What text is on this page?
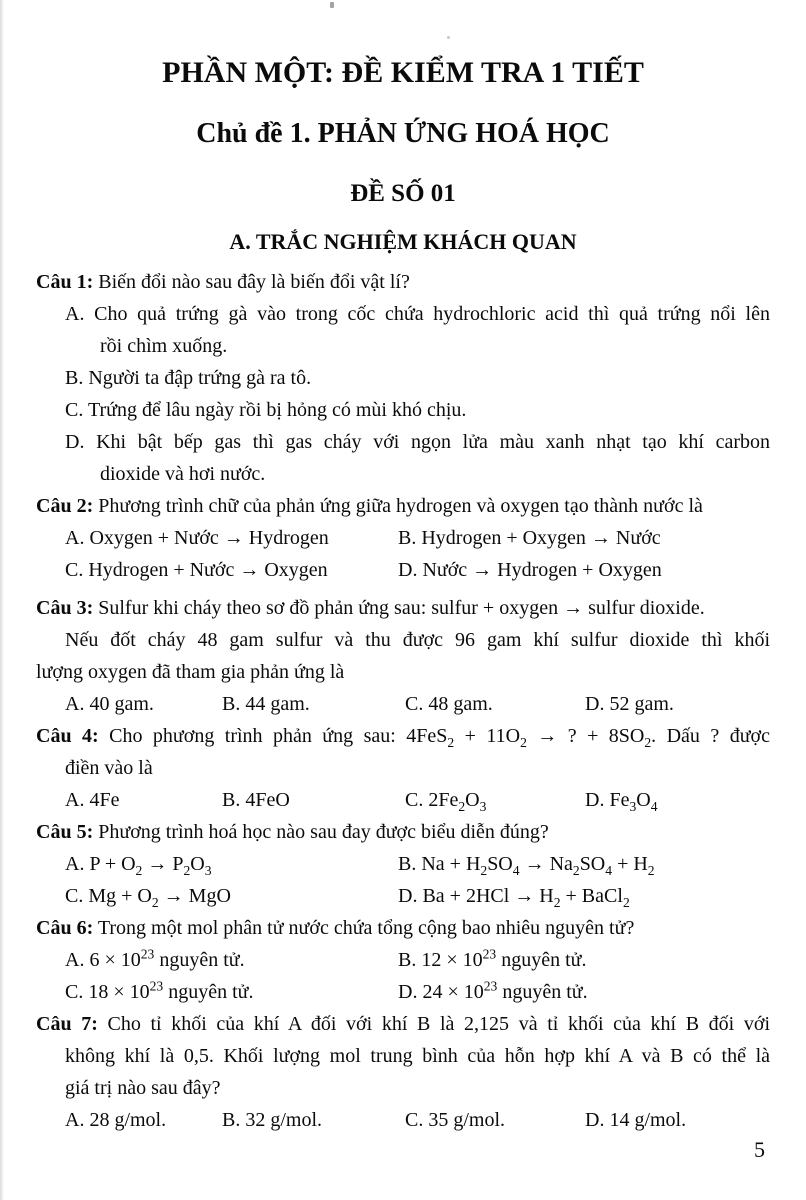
PHẦN MỘT: ĐỀ KIỂM TRA 1 TIẾT
Chủ đề 1. PHẢN ỨNG HOÁ HỌC
ĐỀ SỐ 01
A. TRẮC NGHIỆM KHÁCH QUAN
Câu 1: Biến đổi nào sau đây là biến đổi vật lí?
A. Cho quả trứng gà vào trong cốc chứa hydrochloric acid thì quả trứng nổi lên
rồi chìm xuống.
B. Người ta đập trứng gà ra tô.
C. Trứng để lâu ngày rồi bị hỏng có mùi khó chịu.
D. Khi bật bếp gas thì gas cháy với ngọn lửa màu xanh nhạt tạo khí carbon
dioxide và hơi nước.
Câu 2: Phương trình chữ của phản ứng giữa hydrogen và oxygen tạo thành nước là
A. Oxygen + Nước → Hydrogen	B. Hydrogen + Oxygen → Nước
C. Hydrogen + Nước → Oxygen	D. Nước → Hydrogen + Oxygen
Câu 3: Sulfur khi cháy theo sơ đồ phản ứng sau: sulfur + oxygen → sulfur dioxide.
Nếu đốt cháy 48 gam sulfur và thu được 96 gam khí sulfur dioxide thì khối
lượng oxygen đã tham gia phản ứng là
A. 40 gam.	B. 44 gam.	C. 48 gam.	D. 52 gam.
Câu 4: Cho phương trình phản ứng sau: $4FeS_2 + 11O_2$ → ? + $8SO_2$. Dấu ? được
điền vào là
A. 4Fe	B. 4FeO	C. $2Fe_2O_3$	D. $Fe_3O_4$
Câu 5: Phương trình hoá học nào sau đay được biểu diễn đúng?
A. $P + O_2 \to P_2O_3$	B. $Na + H_2SO_4 \to Na_2SO_4 + H_2$
C. $Mg + O_2$ → MgO	D. $Ba + 2HCl \to H_2$ + BaCl$_2$
Câu 6: Trong một mol phân tử nước chứa tổng cộng bao nhiêu nguyên tử?
A. $6 \times 10^{23}$ nguyên tử.	B. $12 \times 10^{23}$ nguyên tử.
C. $18 \times 10^{23}$ nguyên tử.	D. $24 \times 10^{23}$ nguyên tử.
Câu 7: Cho tỉ khối của khí A đối với khí B là 2,125 và tỉ khối của khí B đối với
không khí là 0,5. Khối lượng mol trung bình của hỗn hợp khí A và B có thể là
giá trị nào sau đây?
A. 28 g/mol.	B. 32 g/mol.	C. 35 g/mol.	D. 14 g/mol.
5
